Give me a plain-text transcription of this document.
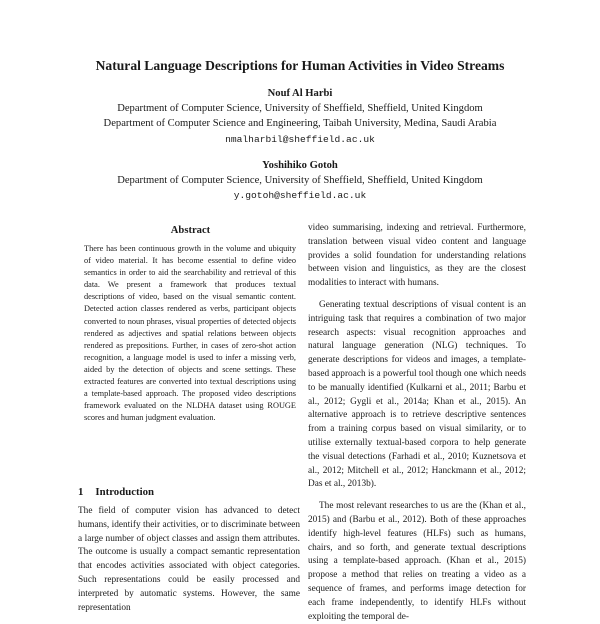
Natural Language Descriptions for Human Activities in Video Streams
Nouf Al Harbi
Department of Computer Science, University of Sheffield, Sheffield, United Kingdom
Department of Computer Science and Engineering, Taibah University, Medina, Saudi Arabia
nmalharbil@sheffield.ac.uk
Yoshihiko Gotoh
Department of Computer Science, University of Sheffield, Sheffield, United Kingdom
y.gotoh@sheffield.ac.uk
Abstract
There has been continuous growth in the volume and ubiquity of video material. It has become essential to define video semantics in order to aid the searchability and retrieval of this data. We present a framework that produces textual descriptions of video, based on the visual semantic content. Detected action classes rendered as verbs, participant objects converted to noun phrases, visual properties of detected objects rendered as adjectives and spatial relations between objects rendered as prepositions. Further, in cases of zero-shot action recognition, a language model is used to infer a missing verb, aided by the detection of objects and scene settings. These extracted features are converted into textual descriptions using a template-based approach. The proposed video descriptions framework evaluated on the NLDHA dataset using ROUGE scores and human judgment evaluation.
1 Introduction
The field of computer vision has advanced to detect humans, identify their activities, or to discriminate between a large number of object classes and assign them attributes. The outcome is usually a compact semantic representation that encodes activities associated with object categories. Such representations could be easily processed and interpreted by automatic systems. However, the same representation

video summarising, indexing and retrieval. Furthermore, translation between visual video content and language provides a solid foundation for understanding relations between vision and linguistics, as they are the closest modalities to interact with humans.

Generating textual descriptions of visual content is an intriguing task that requires a combination of two major research aspects: visual recognition approaches and natural language generation (NLG) techniques. To generate descriptions for videos and images, a template-based approach is a powerful tool though one which needs to be manually identified (Kulkarni et al., 2011; Barbu et al., 2012; Gygli et al., 2014a; Khan et al., 2015). An alternative approach is to retrieve descriptive sentences from a training corpus based on visual similarity, or to utilise externally textual-based corpora to help generate the visual detections (Farhadi et al., 2010; Kuznetsova et al., 2012; Mitchell et al., 2012; Hanckmann et al., 2012; Das et al., 2013b).

The most relevant researches to us are the (Khan et al., 2015) and (Barbu et al., 2012). Both of these approaches identify high-level features (HLFs) such as humans, chairs, and so forth, and generate textual descriptions using a template-based approach. (Khan et al., 2015) propose a method that relies on treating a video as a sequence of frames, and performs image detection for each frame independently, to identify HLFs without exploiting the temporal de-
